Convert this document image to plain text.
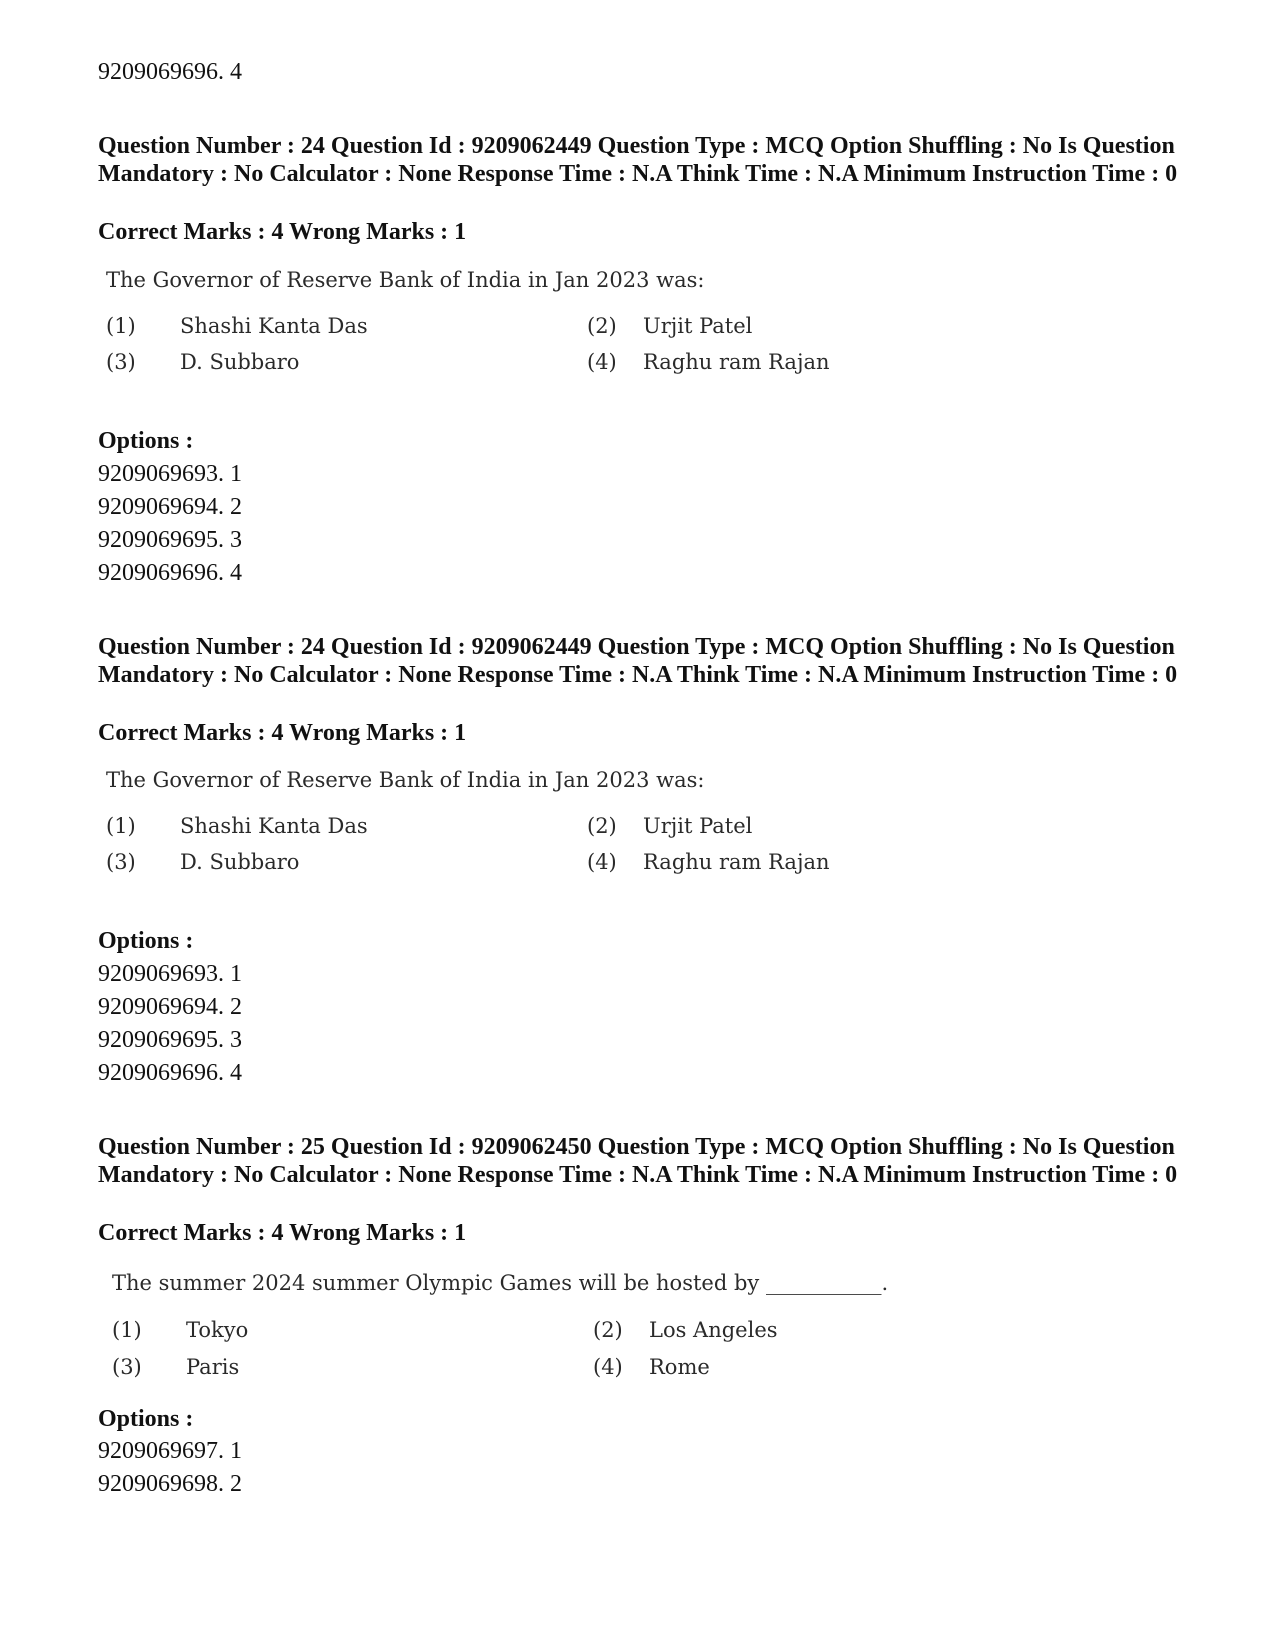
9209069696. 4
Question Number : 24 Question Id : 9209062449 Question Type : MCQ Option Shuffling : No Is Question Mandatory : No Calculator : None Response Time : N.A Think Time : N.A Minimum Instruction Time : 0
Correct Marks : 4 Wrong Marks : 1
The Governor of Reserve Bank of India in Jan 2023 was:
(1) Shashi Kanta Das	(2) Urjit Patel
(3) D. Subbaro	(4) Raghu ram Rajan
Options :
9209069693. 1
9209069694. 2
9209069695. 3
9209069696. 4
Question Number : 24 Question Id : 9209062449 Question Type : MCQ Option Shuffling : No Is Question Mandatory : No Calculator : None Response Time : N.A Think Time : N.A Minimum Instruction Time : 0
Correct Marks : 4 Wrong Marks : 1
The Governor of Reserve Bank of India in Jan 2023 was:
(1) Shashi Kanta Das	(2) Urjit Patel
(3) D. Subbaro	(4) Raghu ram Rajan
Options :
9209069693. 1
9209069694. 2
9209069695. 3
9209069696. 4
Question Number : 25 Question Id : 9209062450 Question Type : MCQ Option Shuffling : No Is Question Mandatory : No Calculator : None Response Time : N.A Think Time : N.A Minimum Instruction Time : 0
Correct Marks : 4 Wrong Marks : 1
The summer 2024 summer Olympic Games will be hosted by ___________.
(1) Tokyo	(2) Los Angeles
(3) Paris	(4) Rome
Options :
9209069697. 1
9209069698. 2
